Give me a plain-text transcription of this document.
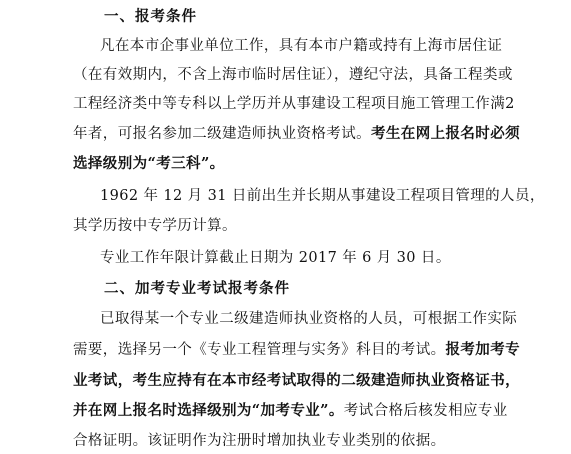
一、报考条件
凡在本市企事业单位工作，具有本市户籍或持有上海市居住证
（在有效期内，不含上海市临时居住证），遵纪守法，具备工程类或
工程经济类中等专科以上学历并从事建设工程项目施工管理工作满2
年者，可报名参加二级建造师执业资格考试。考生在网上报名时必须
选择级别为“考三科”。
1962 年 12 月 31 日前出生并长期从事建设工程项目管理的人员，
其学历按中专学历计算。
专业工作年限计算截止日期为 2017 年 6 月 30 日。
二、加考专业考试报考条件
已取得某一个专业二级建造师执业资格的人员，可根据工作实际
需要，选择另一个《专业工程管理与实务》科目的考试。报考加考专
业考试，考生应持有在本市经考试取得的二级建造师执业资格证书，
并在网上报名时选择级别为“加考专业”。考试合格后核发相应专业
合格证明。该证明作为注册时增加执业专业类别的依据。
